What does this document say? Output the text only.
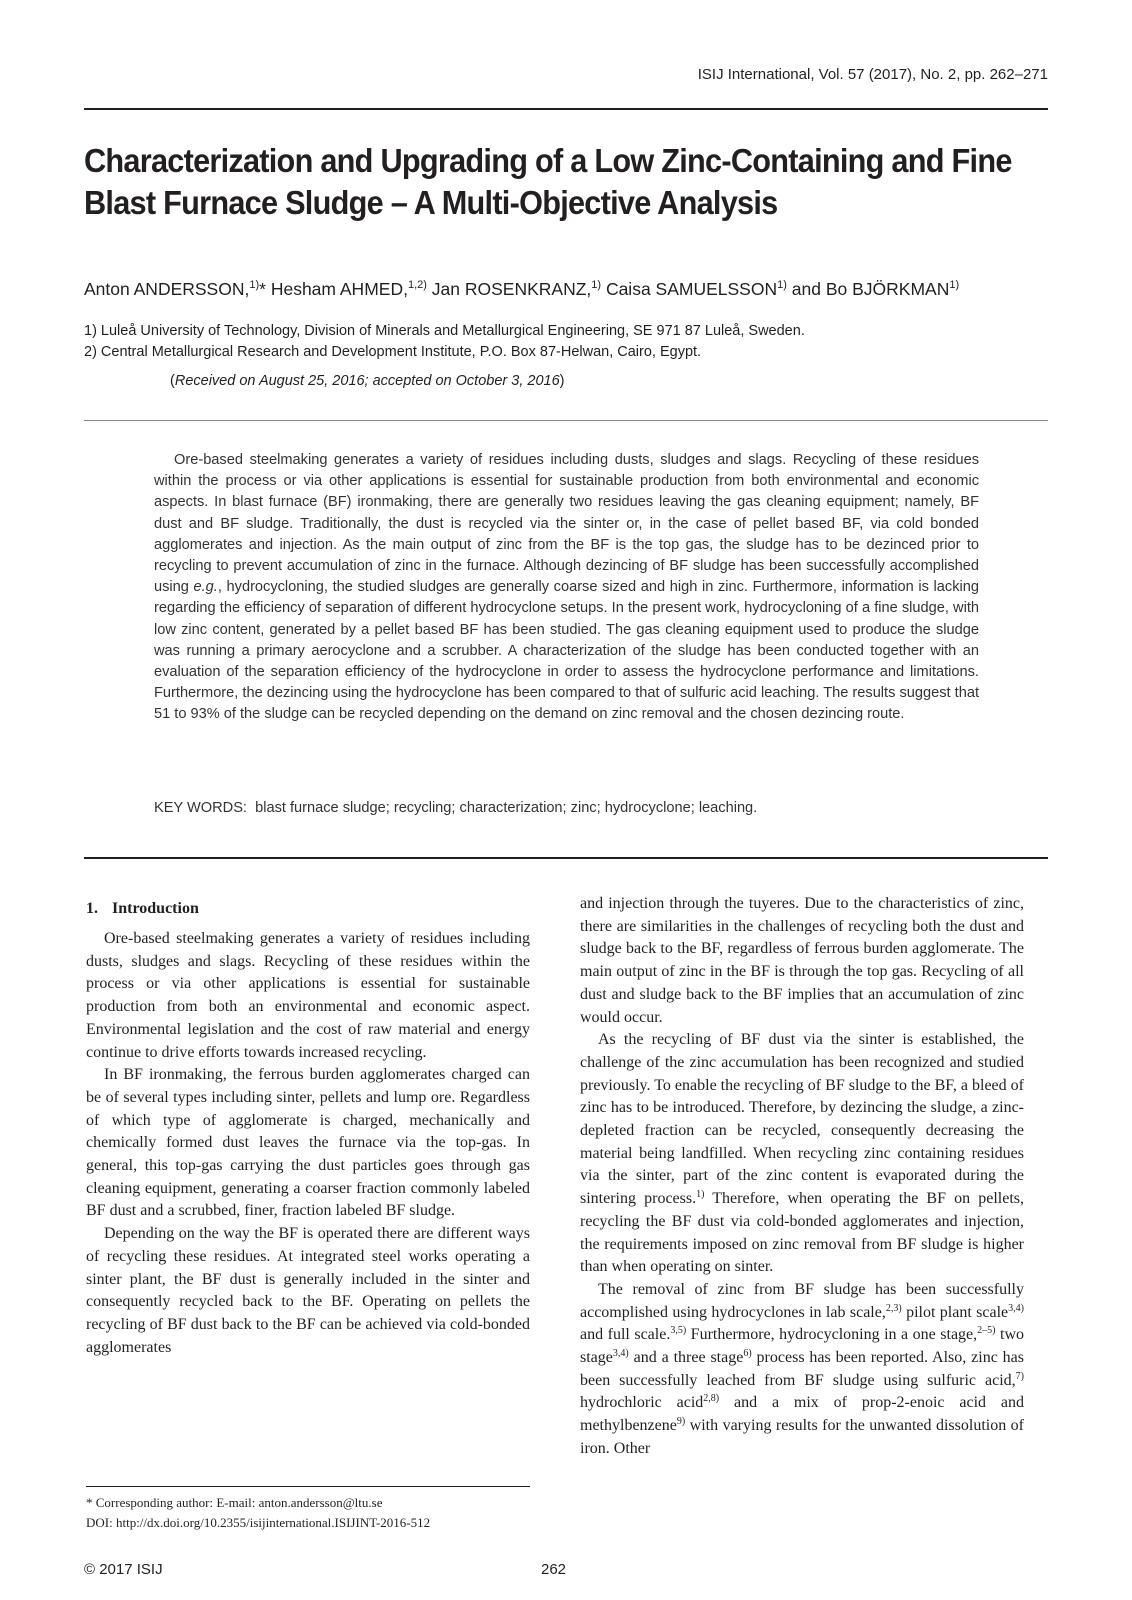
ISIJ International, Vol. 57 (2017), No. 2, pp. 262–271
Characterization and Upgrading of a Low Zinc-Containing and Fine
Blast Furnace Sludge – A Multi-Objective Analysis
Anton ANDERSSON,$^{1)}$* Hesham AHMED,$^{1,2)}$ Jan ROSENKRANZ,$^{1)}$ Caisa SAMUELSSON$^{1)}$ and Bo BJÖRKMAN$^{1)}$
1) Luleå University of Technology, Division of Minerals and Metallurgical Engineering, SE 971 87 Luleå, Sweden.
2) Central Metallurgical Research and Development Institute, P.O. Box 87-Helwan, Cairo, Egypt.
(Received on August 25, 2016; accepted on October 3, 2016)
Ore-based steelmaking generates a variety of residues including dusts, sludges and slags. Recycling of these residues within the process or via other applications is essential for sustainable production from both environmental and economic aspects. In blast furnace (BF) ironmaking, there are generally two residues leaving the gas cleaning equipment; namely, BF dust and BF sludge. Traditionally, the dust is recycled via the sinter or, in the case of pellet based BF, via cold bonded agglomerates and injection. As the main output of zinc from the BF is the top gas, the sludge has to be dezinced prior to recycling to prevent accumulation of zinc in the furnace. Although dezincing of BF sludge has been successfully accomplished using e.g., hydrocycloning, the studied sludges are generally coarse sized and high in zinc. Furthermore, information is lacking regarding the efficiency of separation of different hydrocyclone setups. In the present work, hydrocycloning of a fine sludge, with low zinc content, generated by a pellet based BF has been studied. The gas cleaning equipment used to produce the sludge was running a primary aerocyclone and a scrubber. A characterization of the sludge has been conducted together with an evaluation of the separation efficiency of the hydrocyclone in order to assess the hydrocyclone performance and limitations. Furthermore, the dezincing using the hydrocyclone has been compared to that of sulfuric acid leaching. The results suggest that 51 to 93% of the sludge can be recycled depending on the demand on zinc removal and the chosen dezincing route.
KEY WORDS: blast furnace sludge; recycling; characterization; zinc; hydrocyclone; leaching.
1. Introduction

Ore-based steelmaking generates a variety of residues including dusts, sludges and slags. Recycling of these residues within the process or via other applications is essential for sustainable production from both an environmental and economic aspect. Environmental legislation and the cost of raw material and energy continue to drive efforts towards increased recycling.

In BF ironmaking, the ferrous burden agglomerates charged can be of several types including sinter, pellets and lump ore. Regardless of which type of agglomerate is charged, mechanically and chemically formed dust leaves the furnace via the top-gas. In general, this top-gas carrying the dust particles goes through gas cleaning equipment, generating a coarser fraction commonly labeled BF dust and a scrubbed, finer, fraction labeled BF sludge.

Depending on the way the BF is operated there are different ways of recycling these residues. At integrated steel works operating a sinter plant, the BF dust is generally included in the sinter and consequently recycled back to the BF. Operating on pellets the recycling of BF dust back to the BF can be achieved via cold-bonded agglomerates

and injection through the tuyeres. Due to the characteristics of zinc, there are similarities in the challenges of recycling both the dust and sludge back to the BF, regardless of ferrous burden agglomerate. The main output of zinc in the BF is through the top gas. Recycling of all dust and sludge back to the BF implies that an accumulation of zinc would occur.

As the recycling of BF dust via the sinter is established, the challenge of the zinc accumulation has been recognized and studied previously. To enable the recycling of BF sludge to the BF, a bleed of zinc has to be introduced. Therefore, by dezincing the sludge, a zinc-depleted fraction can be recycled, consequently decreasing the material being landfilled. When recycling zinc containing residues via the sinter, part of the zinc content is evaporated during the sintering process.$^{1)}$ Therefore, when operating the BF on pellets, recycling the BF dust via cold-bonded agglomerates and injection, the requirements imposed on zinc removal from BF sludge is higher than when operating on sinter.

The removal of zinc from BF sludge has been successfully accomplished using hydrocyclones in lab scale,$^{2,3)}$ pilot plant scale$^{3,4)}$ and full scale.$^{3,5)}$ Furthermore, hydrocycloning in a one stage,$^{2-5)}$ two stage$^{3,4)}$ and a three stage$^{6)}$ process has been reported. Also, zinc has been successfully leached from BF sludge using sulfuric acid,$^{7)}$ hydrochloric acid$^{2,8)}$ and a mix of prop-2-enoic acid and methylbenzene$^{9)}$ with varying results for the unwanted dissolution of iron. Other

* Corresponding author: E-mail: anton.andersson@ltu.se
DOI: http://dx.doi.org/10.2355/isijinternational.ISIJINT-2016-512
© 2017 ISIJ	262
